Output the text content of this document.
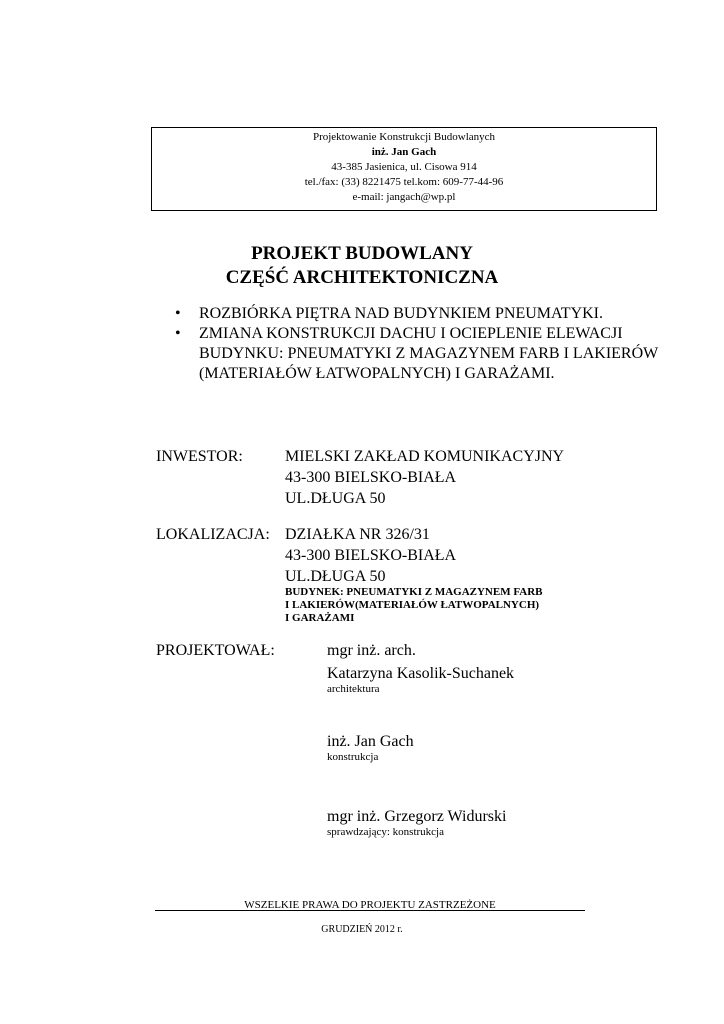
Projektowanie Konstrukcji Budowlanych
inż. Jan Gach
43-385 Jasienica, ul. Cisowa 914
tel./fax: (33) 8221475 tel.kom: 609-77-44-96
e-mail: jangach@wp.pl
PROJEKT BUDOWLANY
CZĘŚĆ ARCHITEKTONICZNA
• ROZBIÓRKA PIĘTRA NAD BUDYNKIEM PNEUMATYKI.
• ZMIANA KONSTRUKCJI DACHU I OCIEPLENIE ELEWACJI BUDYNKU: PNEUMATYKI Z MAGAZYNEM FARB I LAKIERÓW (MATERIAŁÓW ŁATWOPALNYCH) I GARAŻAMI.
INWESTOR:	MIELSKI ZAKŁAD KOMUNIKACYJNY
43-300 BIELSKO-BIAŁA
UL.DŁUGA 50
LOKALIZACJA: DZIAŁKA NR 326/31
43-300 BIELSKO-BIAŁA
UL.DŁUGA 50
BUDYNEK: PNEUMATYKI Z MAGAZYNEM FARB
I LAKIERÓW(MATERIAŁÓW ŁATWOPALNYCH)
I GARAŻAMI
PROJEKTOWAŁ:	mgr inż. arch.
Katarzyna Kasolik-Suchanek
architektura
inż. Jan Gach
konstrukcja
mgr inż. Grzegorz Widurski
sprawdzający: konstrukcja
WSZELKIE PRAWA DO PROJEKTU ZASTRZEŻONE
GRUDZIEŃ 2012 r.
